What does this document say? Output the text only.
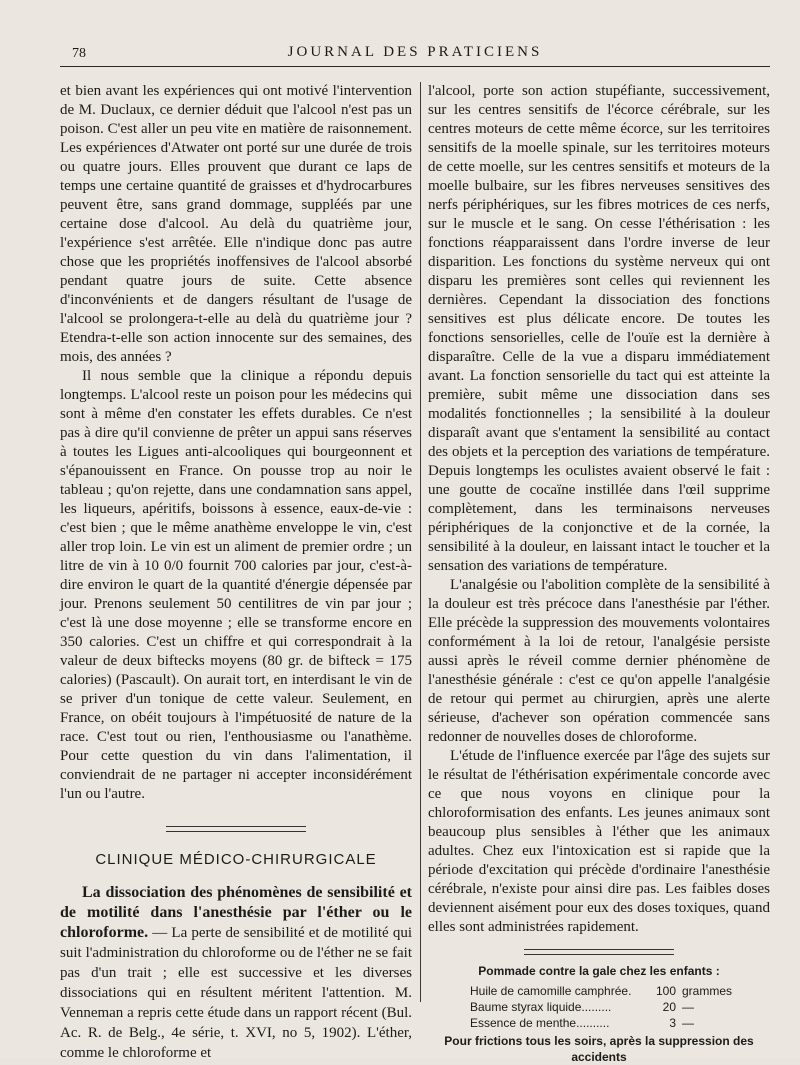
78	JOURNAL DES PRATICIENS

et bien avant les expériences qui ont motivé l'intervention de M. Duclaux, ce dernier déduit que l'alcool n'est pas un poison. C'est aller un peu vite en matière de raisonnement. Les expériences d'Atwater ont porté sur une durée de trois ou quatre jours. Elles prouvent que durant ce laps de temps une certaine quantité de graisses et d'hydrocarbures peuvent être, sans grand dommage, suppléés par une certaine dose d'alcool. Au delà du quatrième jour, l'expérience s'est arrêtée. Elle n'indique donc pas autre chose que les propriétés inoffensives de l'alcool absorbé pendant quatre jours de suite. Cette absence d'inconvénients et de dangers résultant de l'usage de l'alcool se prolongera-t-elle au delà du quatrième jour ? Etendra-t-elle son action innocente sur des semaines, des mois, des années ?

Il nous semble que la clinique a répondu depuis longtemps. L'alcool reste un poison pour les médecins qui sont à même d'en constater les effets durables. Ce n'est pas à dire qu'il convienne de prêter un appui sans réserves à toutes les Ligues anti-alcooliques qui bourgeonnent et s'épanouissent en France. On pousse trop au noir le tableau ; qu'on rejette, dans une condamnation sans appel, les liqueurs, apéritifs, boissons à essence, eaux-de-vie : c'est bien ; que le même anathème enveloppe le vin, c'est aller trop loin. Le vin est un aliment de premier ordre ; un litre de vin à 10 0/0 fournit 700 calories par jour, c'est-à-dire environ le quart de la quantité d'énergie dépensée par jour. Prenons seulement 50 centilitres de vin par jour ; c'est là une dose moyenne ; elle se transforme encore en 350 calories. C'est un chiffre et qui correspondrait à la valeur de deux biftecks moyens (80 gr. de bifteck = 175 calories) (Pascault). On aurait tort, en interdisant le vin de se priver d'un tonique de cette valeur. Seulement, en France, on obéit toujours à l'impétuosité de nature de la race. C'est tout ou rien, l'enthousiasme ou l'anathème. Pour cette question du vin dans l'alimentation, il conviendrait de ne partager ni accepter inconsidérément l'un ou l'autre.

CLINIQUE MÉDICO-CHIRURGICALE

La dissociation des phénomènes de sensibilité et de motilité dans l'anesthésie par l'éther ou le chloroforme. — La perte de sensibilité et de motilité qui suit l'administration du chloroforme ou de l'éther ne se fait pas d'un trait ; elle est successive et les diverses dissociations qui en résultent méritent l'attention. M. Venneman a repris cette étude dans un rapport récent (Bul. Ac. R. de Belg., 4e série, t. XVI, no 5, 1902). L'éther, comme le chloroforme et

l'alcool, porte son action stupéfiante, successivement, sur les centres sensitifs de l'écorce cérébrale, sur les centres moteurs de cette même écorce, sur les territoires sensitifs de la moelle spinale, sur les territoires moteurs de cette moelle, sur les centres sensitifs et moteurs de la moelle bulbaire, sur les fibres nerveuses sensitives des nerfs périphériques, sur les fibres motrices de ces nerfs, sur le muscle et le sang. On cesse l'éthérisation : les fonctions réapparaissent dans l'ordre inverse de leur disparition. Les fonctions du système nerveux qui ont disparu les premières sont celles qui reviennent les dernières. Cependant la dissociation des fonctions sensitives est plus délicate encore. De toutes les fonctions sensorielles, celle de l'ouïe est la dernière à disparaître. Celle de la vue a disparu immédiatement avant. La fonction sensorielle du tact qui est atteinte la première, subit même une dissociation dans ses modalités fonctionnelles ; la sensibilité à la douleur disparaît avant que s'entament la sensibilité au contact des objets et la perception des variations de température. Depuis longtemps les oculistes avaient observé le fait : une goutte de cocaïne instillée dans l'œil supprime complètement, dans les terminaisons nerveuses périphériques de la conjonctive et de la cornée, la sensibilité à la douleur, en laissant intact le toucher et la sensation des variations de température.

L'analgésie ou l'abolition complète de la sensibilité à la douleur est très précoce dans l'anesthésie par l'éther. Elle précède la suppression des mouvements volontaires conformément à la loi de retour, l'analgésie persiste aussi après le réveil comme dernier phénomène de l'anesthésie générale : c'est ce qu'on appelle l'analgésie de retour qui permet au chirurgien, après une alerte sérieuse, d'achever son opération commencée sans redonner de nouvelles doses de chloroforme.

L'étude de l'influence exercée par l'âge des sujets sur le résultat de l'éthérisation expérimentale concorde avec ce que nous voyons en clinique pour la chloroformisation des enfants. Les jeunes animaux sont beaucoup plus sensibles à l'éther que les animaux adultes. Chez eux l'intoxication est si rapide que la période d'excitation qui précède d'ordinaire l'anesthésie cérébrale, n'existe pour ainsi dire pas. Les faibles doses deviennent aisément pour eux des doses toxiques, quand elles sont administrées rapidement.

Pommade contre la gale chez les enfants :
Huile de camomille camphrée.	100 grammes
Baume styrax liquide.........	20 —
Essence de menthe..........	3 —
Pour frictions tous les soirs, après la suppression des accidents
